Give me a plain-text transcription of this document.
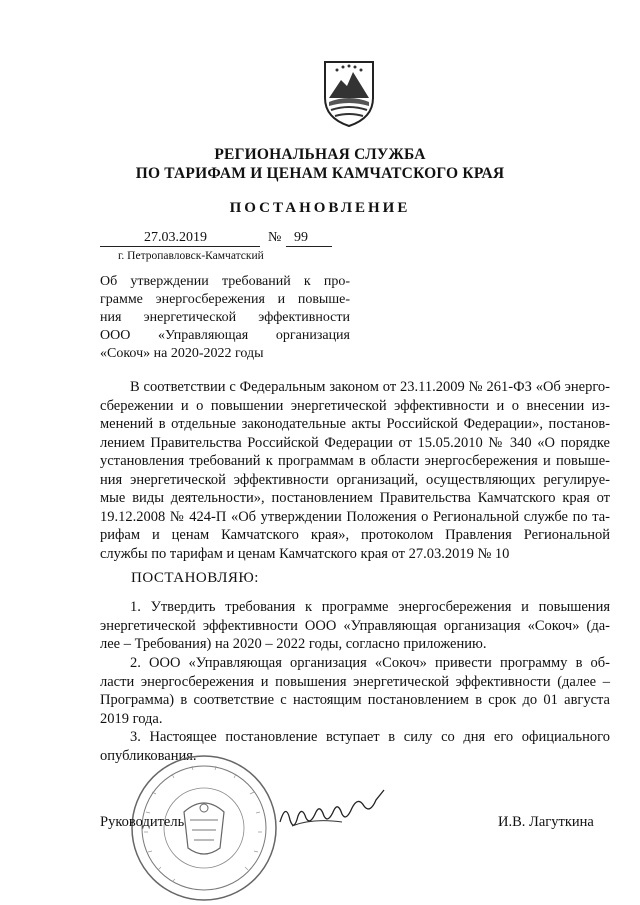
РЕГИОНАЛЬНАЯ СЛУЖБА
ПО ТАРИФАМ И ЦЕНАМ КАМЧАТСКОГО КРАЯ
ПОСТАНОВЛЕНИЕ
27.03.2019	№ 99
г. Петропавловск-Камчатский
Об утверждении требований к про-
грамме энергосбережения и повыше-
ния энергетической эффективности
ООО «Управляющая организация
«Сокоч» на 2020-2022 годы
В соответствии с Федеральным законом от 23.11.2009 № 261-ФЗ «Об энерго-
сбережении и о повышении энергетической эффективности и о внесении из-
менений в отдельные законодательные акты Российской Федерации», постанов-
лением Правительства Российской Федерации от 15.05.2010 № 340 «О порядке
установления требований к программам в области энергосбережения и повыше-
ния энергетической эффективности организаций, осуществляющих регулируе-
мые виды деятельности», постановлением Правительства Камчатского края от
19.12.2008 № 424-П «Об утверждении Положения о Региональной службе по та-
рифам и ценам Камчатского края», протоколом Правления Региональной
службы по тарифам и ценам Камчатского края от 27.03.2019 № 10
ПОСТАНОВЛЯЮ:
1. Утвердить требования к программе энергосбережения и повышения
энергетической эффективности ООО «Управляющая организация «Сокоч» (да-
лее – Требования) на 2020 – 2022 годы, согласно приложению.
2. ООО «Управляющая организация «Сокоч» привести программу в об-
ласти энергосбережения и повышения энергетической эффективности (далее –
Программа) в соответствие с настоящим постановлением в срок до 01 августа
2019 года.
3. Настоящее постановление вступает в силу со дня его официального
опубликования.
Руководитель	И.В. Лагуткина
